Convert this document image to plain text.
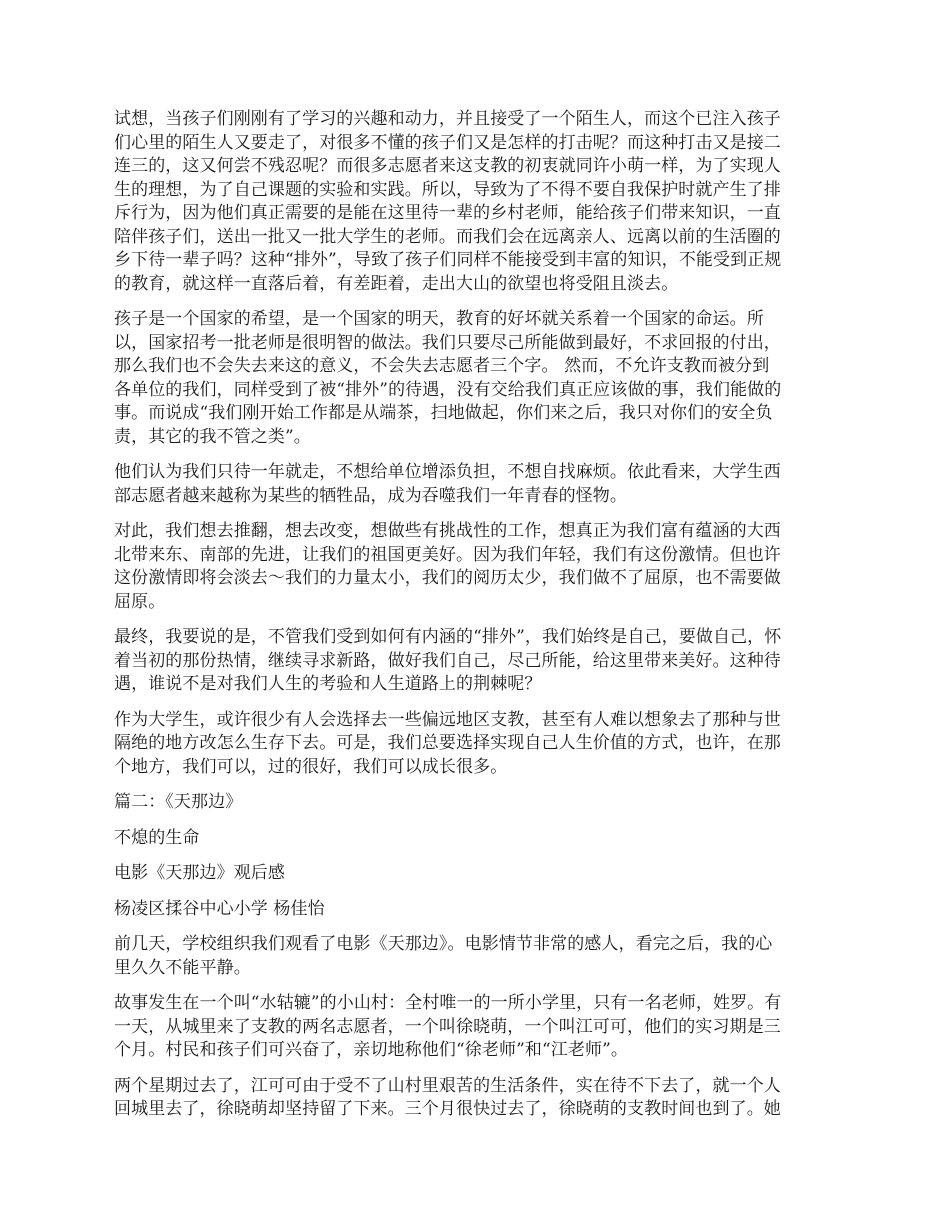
试想，当孩子们刚刚有了学习的兴趣和动力，并且接受了一个陌生人，而这个已注入孩子
们心里的陌生人又要走了，对很多不懂的孩子们又是怎样的打击呢？而这种打击又是接二
连三的，这又何尝不残忍呢？而很多志愿者来这支教的初衷就同许小萌一样，为了实现人
生的理想，为了自己课题的实验和实践。所以，导致为了不得不要自我保护时就产生了排
斥行为，因为他们真正需要的是能在这里待一辈的乡村老师，能给孩子们带来知识，一直
陪伴孩子们，送出一批又一批大学生的老师。而我们会在远离亲人、远离以前的生活圈的
乡下待一辈子吗？这种“排外”，导致了孩子们同样不能接受到丰富的知识，不能受到正规
的教育，就这样一直落后着，有差距着，走出大山的欲望也将受阻且淡去。
孩子是一个国家的希望，是一个国家的明天，教育的好坏就关系着一个国家的命运。所
以，国家招考一批老师是很明智的做法。我们只要尽己所能做到最好，不求回报的付出，
那么我们也不会失去来这的意义，不会失去志愿者三个字。 然而，不允许支教而被分到
各单位的我们，同样受到了被“排外”的待遇，没有交给我们真正应该做的事，我们能做的
事。而说成“我们刚开始工作都是从端茶，扫地做起，你们来之后，我只对你们的安全负
责，其它的我不管之类”。
他们认为我们只待一年就走，不想给单位增添负担，不想自找麻烦。依此看来，大学生西
部志愿者越来越称为某些的牺牲品，成为吞噬我们一年青春的怪物。
对此，我们想去推翻，想去改变，想做些有挑战性的工作，想真正为我们富有蕴涵的大西
北带来东、南部的先进，让我们的祖国更美好。因为我们年轻，我们有这份激情。但也许
这份激情即将会淡去～我们的力量太小，我们的阅历太少，我们做不了屈原，也不需要做
屈原。
最终，我要说的是，不管我们受到如何有内涵的“排外”，我们始终是自己，要做自己，怀
着当初的那份热情，继续寻求新路，做好我们自己，尽己所能，给这里带来美好。这种待
遇，谁说不是对我们人生的考验和人生道路上的荆棘呢？
作为大学生，或许很少有人会选择去一些偏远地区支教，甚至有人难以想象去了那种与世
隔绝的地方改怎么生存下去。可是，我们总要选择实现自己人生价值的方式，也许，在那
个地方，我们可以，过的很好，我们可以成长很多。
篇二：《天那边》
不熄的生命
电影《天那边》观后感
杨凌区揉谷中心小学 杨佳怡
前几天，学校组织我们观看了电影《天那边》。电影情节非常的感人，看完之后，我的心
里久久不能平静。
故事发生在一个叫“水轱辘”的小山村：全村唯一的一所小学里，只有一名老师，姓罗。有
一天，从城里来了支教的两名志愿者，一个叫徐晓萌，一个叫江可可，他们的实习期是三
个月。村民和孩子们可兴奋了，亲切地称他们“徐老师”和“江老师”。
两个星期过去了，江可可由于受不了山村里艰苦的生活条件，实在待不下去了，就一个人
回城里去了，徐晓萌却坚持留了下来。三个月很快过去了，徐晓萌的支教时间也到了。她
